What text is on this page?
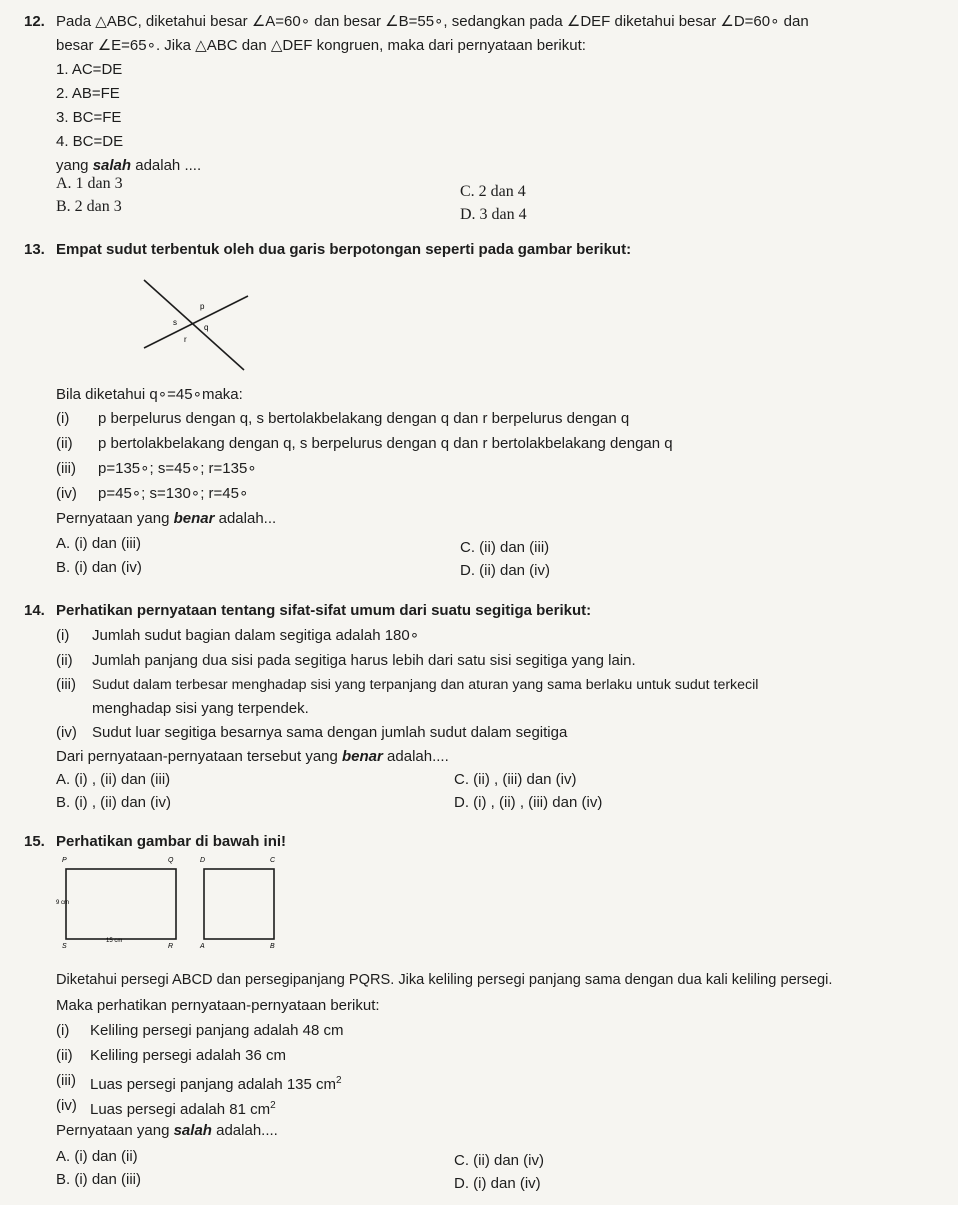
12. Pada △ABC, diketahui besar ∠A=60∘ dan besar ∠B=55∘, sedangkan pada ∠DEF diketahui besar ∠D=60∘ dan
besar ∠E=65∘. Jika △ABC dan △DEF kongruen, maka dari pernyataan berikut:
1. AC=DE
2. AB=FE
3. BC=FE
4. BC=DE
yang salah adalah ....
A. 1 dan 3
B. 2 dan 3
C. 2 dan 4
D. 3 dan 4
13. Empat sudut terbentuk oleh dua garis berpotongan seperti pada gambar berikut:
p
s
q
r
Bila diketahui q∘=45∘maka:
(i) p berpelurus dengan q, s bertolakbelakang dengan q dan r berpelurus dengan q
(ii) p bertolakbelakang dengan q, s berpelurus dengan q dan r bertolakbelakang dengan q
(iii) p=135∘; s=45∘; r=135∘
(iv) p=45∘; s=130∘; r=45∘
Pernyataan yang benar adalah...
A. (i) dan (iii)
B. (i) dan (iv)
C. (ii) dan (iii)
D. (ii) dan (iv)
14. Perhatikan pernyataan tentang sifat-sifat umum dari suatu segitiga berikut:
(i) Jumlah sudut bagian dalam segitiga adalah 180∘
(ii) Jumlah panjang dua sisi pada segitiga harus lebih dari satu sisi segitiga yang lain.
(iii) Sudut dalam terbesar menghadap sisi yang terpanjang dan aturan yang sama berlaku untuk sudut terkecil
menghadap sisi yang terpendek.
(iv) Sudut luar segitiga besarnya sama dengan jumlah sudut dalam segitiga
Dari pernyataan-pernyataan tersebut yang benar adalah....
A. (i) , (ii) dan (iii)
B. (i) , (ii) dan (iv)
C. (ii) , (iii) dan (iv)
D. (i) , (ii) , (iii) dan (iv)
15. Perhatikan gambar di bawah ini!
P	Q
S	R
9 cm
15 cm
D	C
A	B
Diketahui persegi ABCD dan persegipanjang PQRS. Jika keliling persegi panjang sama dengan dua kali keliling persegi.
Maka perhatikan pernyataan-pernyataan berikut:
(i) Keliling persegi panjang adalah 48 cm
(ii) Keliling persegi adalah 36 cm
(iii) Luas persegi panjang adalah 135 $cm^2$
(iv) Luas persegi adalah 81 $cm^2$
Pernyataan yang salah adalah....
A. (i) dan (ii)
B. (i) dan (iii)
C. (ii) dan (iv)
D. (i) dan (iv)
